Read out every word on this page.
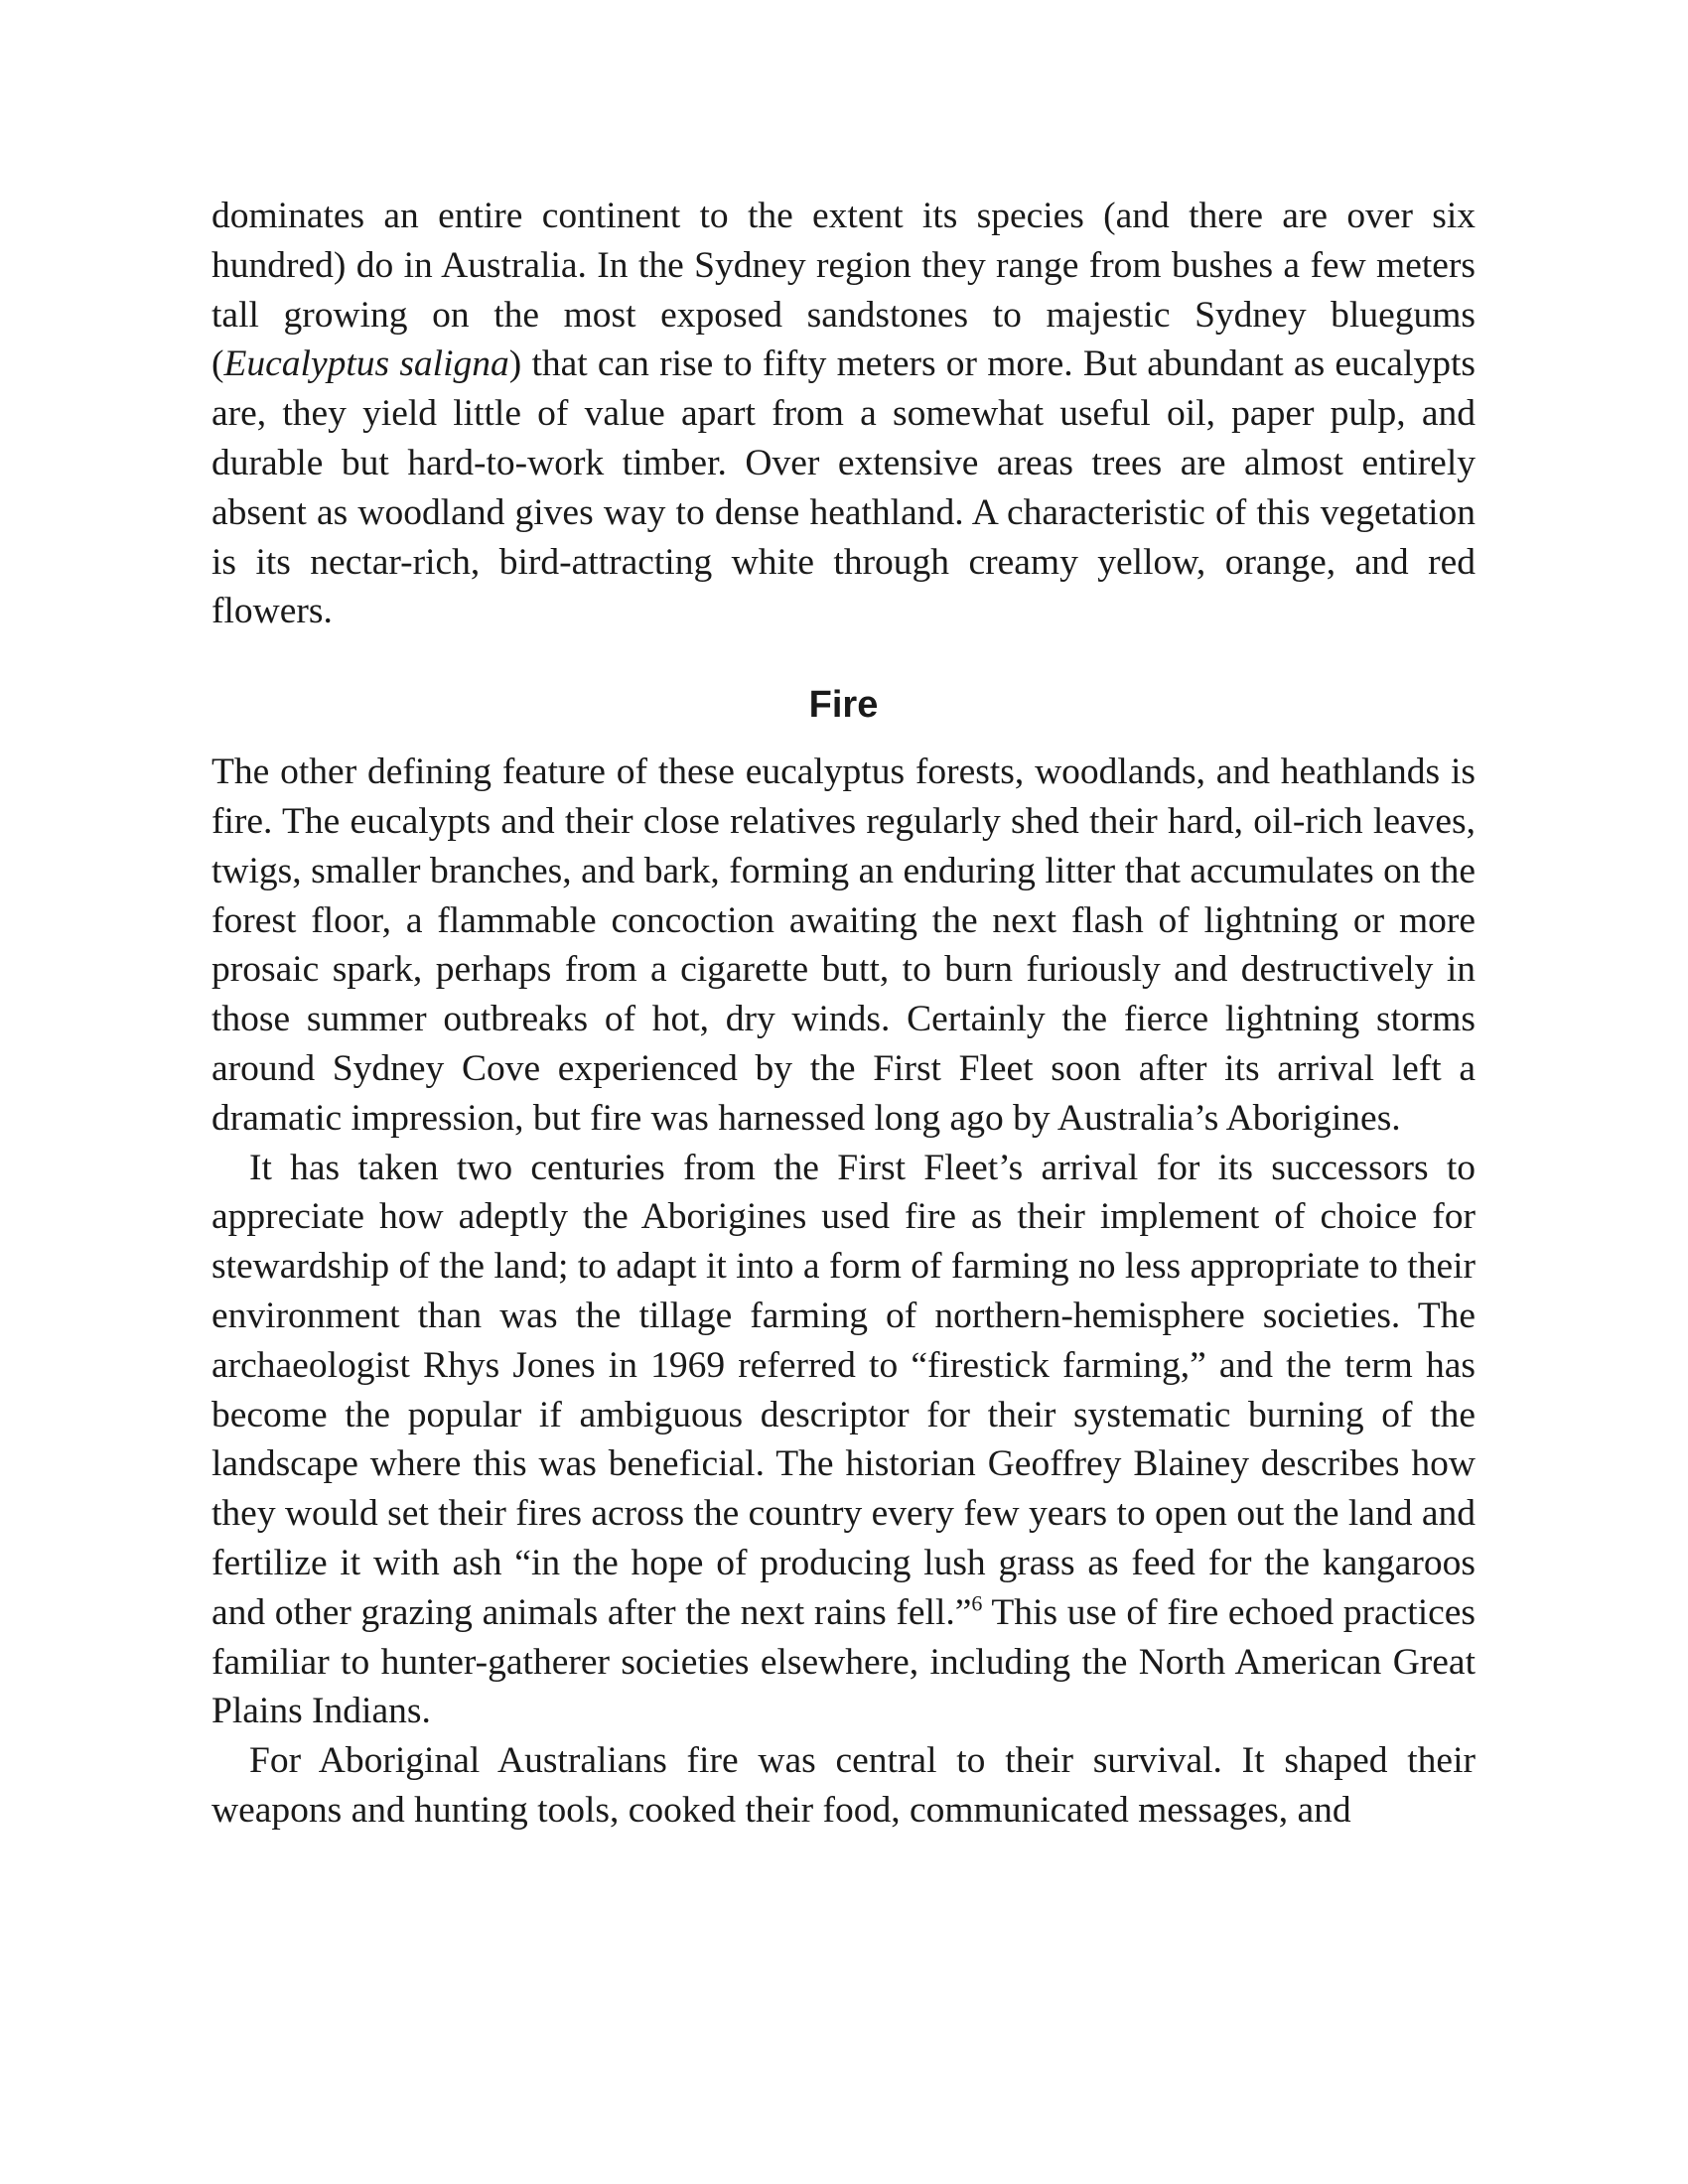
dominates an entire continent to the extent its species (and there are over six hundred) do in Australia. In the Sydney region they range from bushes a few meters tall growing on the most exposed sandstones to majestic Sydney bluegums (Eucalyptus saligna) that can rise to fifty meters or more. But abundant as eucalypts are, they yield little of value apart from a somewhat useful oil, paper pulp, and durable but hard-to-work timber. Over extensive areas trees are almost entirely absent as woodland gives way to dense heathland. A characteristic of this vegetation is its nectar-rich, bird-attracting white through creamy yellow, orange, and red flowers.

Fire

The other defining feature of these eucalyptus forests, woodlands, and heathlands is fire. The eucalypts and their close relatives regularly shed their hard, oil-rich leaves, twigs, smaller branches, and bark, forming an enduring litter that accumulates on the forest floor, a flammable concoction awaiting the next flash of lightning or more prosaic spark, perhaps from a cigarette butt, to burn furiously and destructively in those summer outbreaks of hot, dry winds. Certainly the fierce lightning storms around Sydney Cove experienced by the First Fleet soon after its arrival left a dramatic impression, but fire was harnessed long ago by Australia’s Aborigines.

It has taken two centuries from the First Fleet’s arrival for its successors to appreciate how adeptly the Aborigines used fire as their implement of choice for stewardship of the land; to adapt it into a form of farming no less appropriate to their environment than was the tillage farming of northern-hemisphere societies. The archaeologist Rhys Jones in 1969 referred to “firestick farming,” and the term has become the popular if ambiguous descriptor for their systematic burning of the landscape where this was beneficial. The historian Geoffrey Blainey describes how they would set their fires across the country every few years to open out the land and fertilize it with ash “in the hope of producing lush grass as feed for the kangaroos and other grazing animals after the next rains fell.”$^6$ This use of fire echoed practices familiar to hunter-gatherer societies elsewhere, including the North American Great Plains Indians.

For Aboriginal Australians fire was central to their survival. It shaped their weapons and hunting tools, cooked their food, communicated messages, and
